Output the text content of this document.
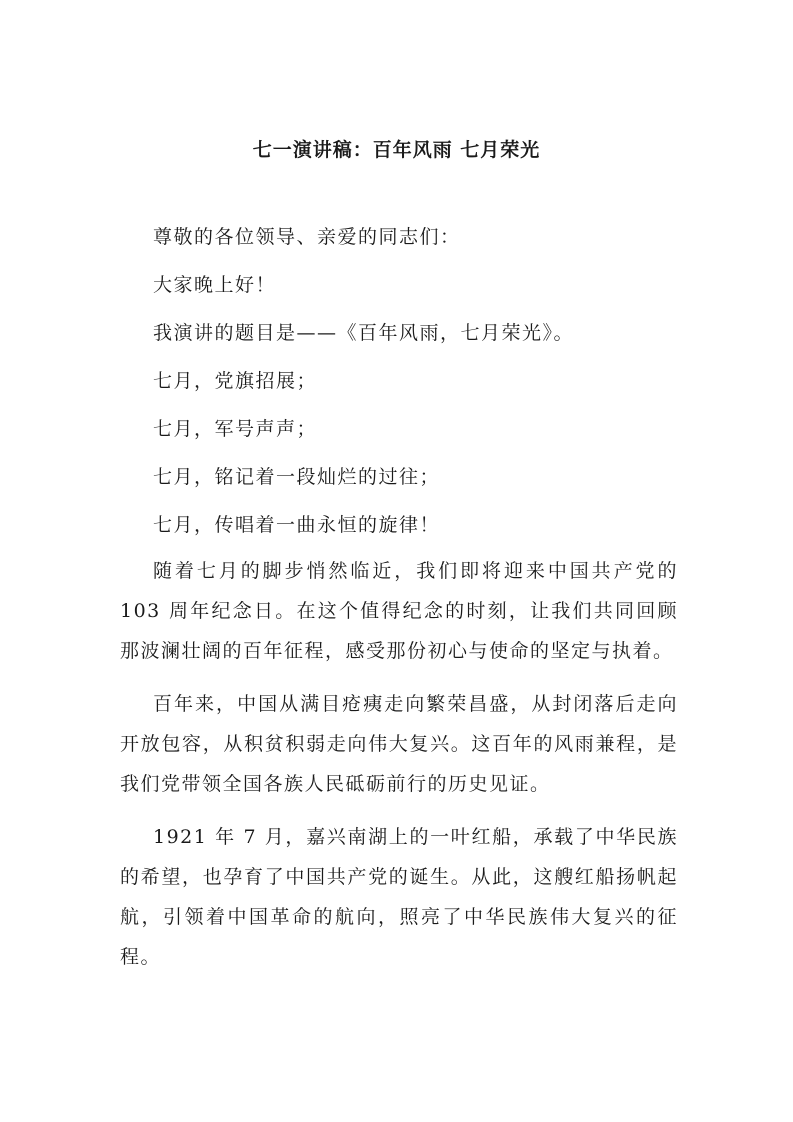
七一演讲稿：百年风雨 七月荣光

尊敬的各位领导、亲爱的同志们：

大家晚上好！

我演讲的题目是——《百年风雨，七月荣光》。

七月，党旗招展；

七月，军号声声；

七月，铭记着一段灿烂的过往；

七月，传唱着一曲永恒的旋律！

随着七月的脚步悄然临近，我们即将迎来中国共产党的 103 周年纪念日。在这个值得纪念的时刻，让我们共同回顾那波澜壮阔的百年征程，感受那份初心与使命的坚定与执着。

百年来，中国从满目疮痍走向繁荣昌盛，从封闭落后走向开放包容，从积贫积弱走向伟大复兴。这百年的风雨兼程，是我们党带领全国各族人民砥砺前行的历史见证。

1921 年 7 月，嘉兴南湖上的一叶红船，承载了中华民族的希望，也孕育了中国共产党的诞生。从此，这艘红船扬帆起航，引领着中国革命的航向，照亮了中华民族伟大复兴的征程。
